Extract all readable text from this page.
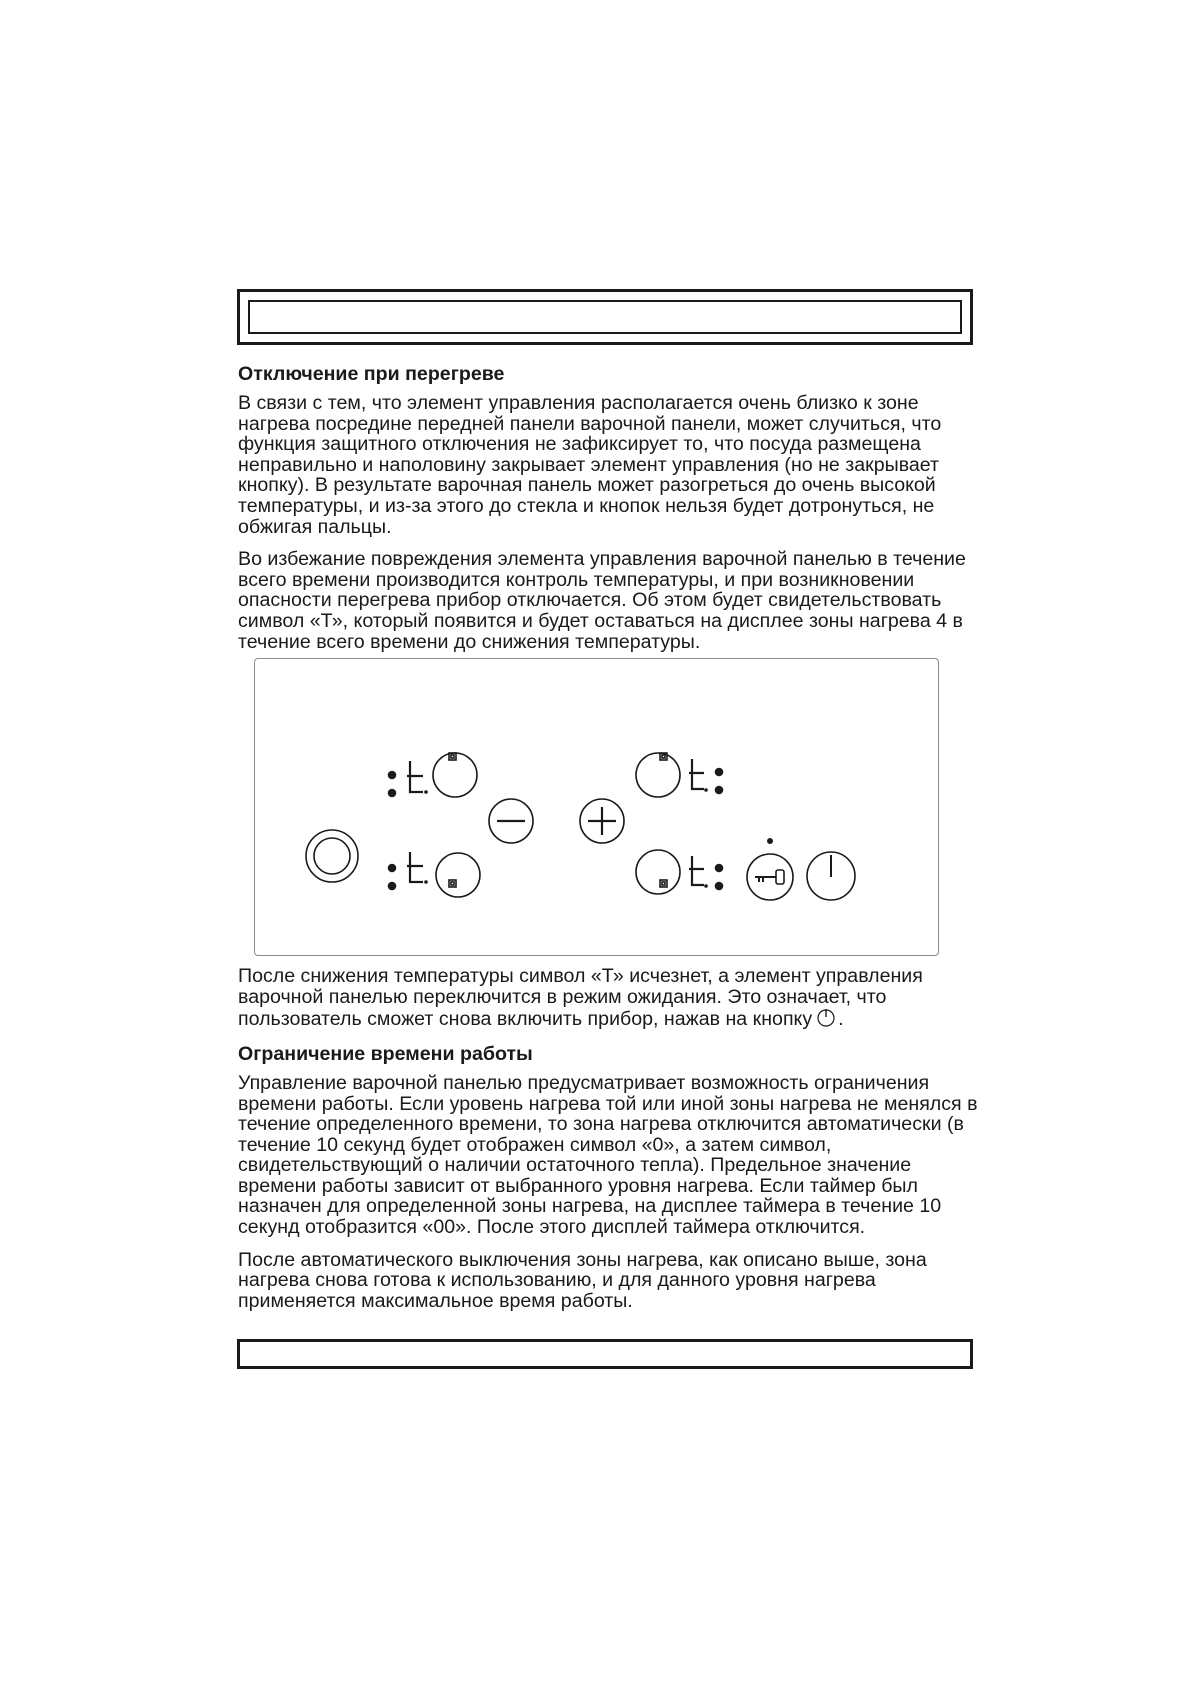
Отключение при перегреве

В связи с тем, что элемент управления располагается очень близко к зоне нагрева посредине передней панели варочной панели, может случиться, что функция защитного отключения не зафиксирует то, что посуда размещена неправильно и наполовину закрывает элемент управления (но не закрывает кнопку). В результате варочная панель может разогреться до очень высокой температуры, и из-за этого до стекла и кнопок нельзя будет дотронуться, не обжигая пальцы.

Во избежание повреждения элемента управления варочной панелью в течение всего времени производится контроль температуры, и при возникновении опасности перегрева прибор отключается. Об этом будет свидетельствовать символ «Т», который появится и будет оставаться на дисплее зоны нагрева 4 в течение всего времени до снижения температуры.

После снижения температуры символ «Т» исчезнет, а элемент управления варочной панелью переключится в режим ожидания. Это означает, что пользователь сможет снова включить прибор, нажав на кнопку .

Ограничение времени работы

Управление варочной панелью предусматривает возможность ограничения времени работы. Если уровень нагрева той или иной зоны нагрева не менялся в течение определенного времени, то зона нагрева отключится автоматически (в течение 10 секунд будет отображен символ «0», а затем символ, свидетельствующий о наличии остаточного тепла). Предельное значение времени работы зависит от выбранного уровня нагрева. Если таймер был назначен для определенной зоны нагрева, на дисплее таймера в течение 10 секунд отобразится «00». После этого дисплей таймера отключится.

После автоматического выключения зоны нагрева, как описано выше, зона нагрева снова готова к использованию, и для данного уровня нагрева применяется максимальное время работы.
